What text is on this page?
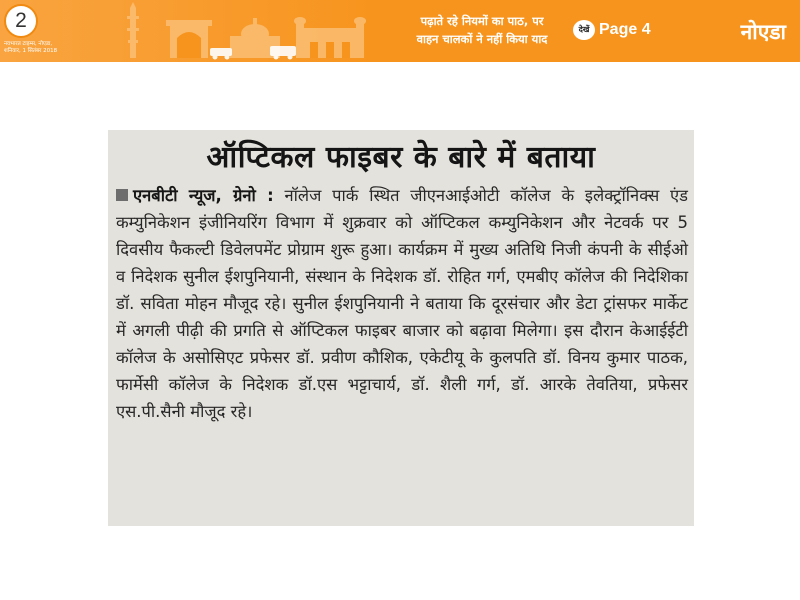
2
नवभारत टाइम्स, नोएडा,
शनिवार, 1 सितंबर 2018
पढ़ाते रहे नियमों का पाठ, पर
वाहन चालकों ने नहीं किया याद
देखें Page 4	नोएडा
ऑप्टिकल फाइबर के बारे में बताया

एनबीटी न्यूज, ग्रेनो : नॉलेज पार्क स्थित जीएनआईओटी कॉलेज के इलेक्ट्रॉनिक्स एंड कम्युनिकेशन इंजीनियरिंग विभाग में शुक्रवार को ऑप्टिकल कम्युनिकेशन और नेटवर्क पर 5 दिवसीय फैकल्टी डिवेलपमेंट प्रोग्राम शुरू हुआ। कार्यक्रम में मुख्य अतिथि निजी कंपनी के सीईओ व निदेशक सुनील ईशपुनियानी, संस्थान के निदेशक डॉ. रोहित गर्ग, एमबीए कॉलेज की निदेशिका डॉ. सविता मोहन मौजूद रहे। सुनील ईशपुनियानी ने बताया कि दूरसंचार और डेटा ट्रांसफर मार्केट में अगली पीढ़ी की प्रगति से ऑप्टिकल फाइबर बाजार को बढ़ावा मिलेगा। इस दौरान केआईईटी कॉलेज के असोसिएट प्रफेसर डॉ. प्रवीण कौशिक, एकेटीयू के कुलपति डॉ. विनय कुमार पाठक, फार्मेसी कॉलेज के निदेशक डॉ.एस भट्टाचार्य, डॉ. शैली गर्ग, डॉ. आरके तेवतिया, प्रफेसर एस.पी.सैनी मौजूद रहे।
